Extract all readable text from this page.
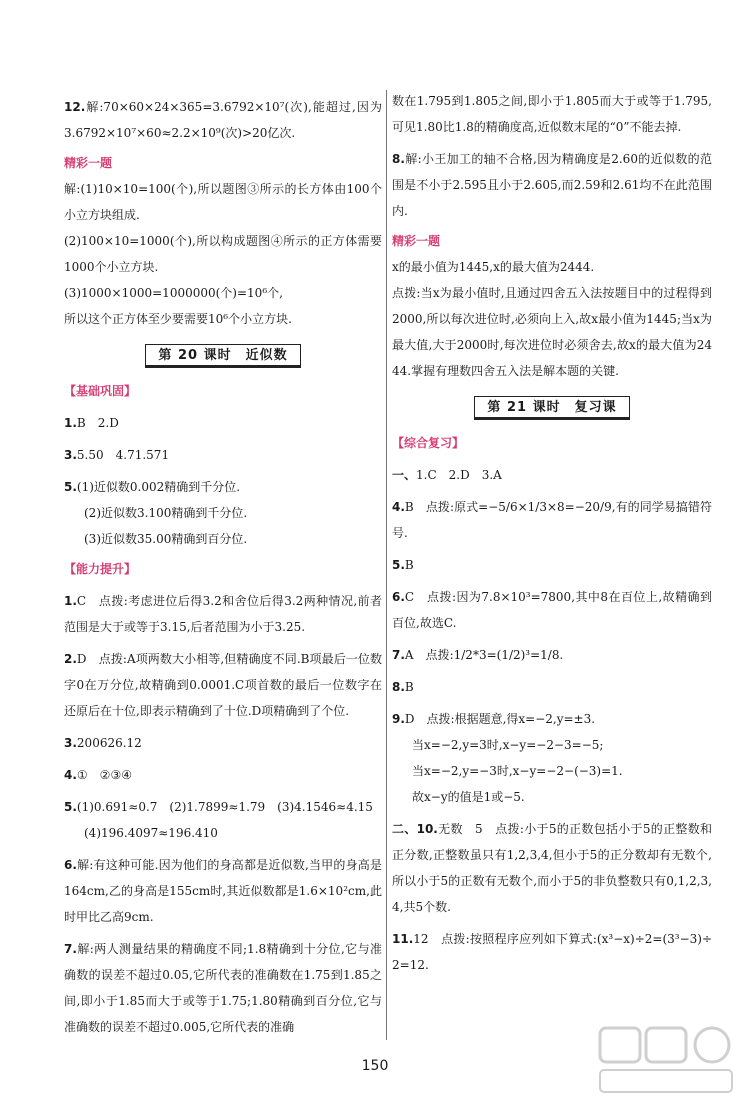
12.解:70×60×24×365=3.6792×10⁷(次),能超过,因为3.6792×10⁷×60≈2.2×10⁹(次)>20亿次.

精彩一题

解:(1)10×10=100(个),所以题图③所示的长方体由100个小立方块组成.

(2)100×10=1000(个),所以构成题图④所示的正方体需要1000个小立方块.

(3)1000×1000=1000000(个)=10⁶个,

所以这个正方体至少要需要10⁶个小立方块.

第 20 课时　近似数
【基础巩固】

1.B　2.D

3.5.50　4.71.571

5.(1)近似数0.002精确到千分位.

(2)近似数3.100精确到千分位.

(3)近似数35.00精确到百分位.

【能力提升】

1.C　点拨:考虑进位后得3.2和舍位后得3.2两种情况,前者范围是大于或等于3.15,后者范围为小于3.25.

2.D　点拨:A项两数大小相等,但精确度不同.B项最后一位数字0在万分位,故精确到0.0001.C项首数的最后一位数字在还原后在十位,即表示精确到了十位.D项精确到了个位.

3.200626.12

4.①　②③④

5.(1)0.691≈0.7　(2)1.7899≈1.79　(3)4.1546≈4.15

(4)196.4097≈196.410

6.解:有这种可能.因为他们的身高都是近似数,当甲的身高是164cm,乙的身高是155cm时,其近似数都是1.6×10²cm,此时甲比乙高9cm.

7.解:两人测量结果的精确度不同;1.8精确到十分位,它与准确数的误差不超过0.05,它所代表的准确数在1.75到1.85之间,即小于1.85而大于或等于1.75;1.80精确到百分位,它与准确数的误差不超过0.005,它所代表的准确

数在1.795到1.805之间,即小于1.805而大于或等于1.795,可见1.80比1.8的精确度高,近似数末尾的“0”不能去掉.

8.解:小王加工的轴不合格,因为精确度是2.60的近似数的范围是不小于2.595且小于2.605,而2.59和2.61均不在此范围内.

精彩一题

x的最小值为1445,x的最大值为2444.

点拨:当x为最小值时,且通过四舍五入法按题目中的过程得到2000,所以每次进位时,必须向上入,故x最小值为1445;当x为最大值,大于2000时,每次进位时必须舍去,故x的最大值为2444.掌握有理数四舍五入法是解本题的关键.

第 21 课时　复习课
【综合复习】

一、1.C　2.D　3.A

4.B　点拨:原式=−5/6×1/3×8=−20/9,有的同学易搞错符号.

5.B

6.C　点拨:因为7.8×10³=7800,其中8在百位上,故精确到百位,故选C.

7.A　点拨:1/2*3=(1/2)³=1/8.

8.B

9.D　点拨:根据题意,得x=−2,y=±3.

当x=−2,y=3时,x−y=−2−3=−5;

当x=−2,y=−3时,x−y=−2−(−3)=1.

故x−y的值是1或−5.

二、10.无数　5　点拨:小于5的正数包括小于5的正整数和正分数,正整数虽只有1,2,3,4,但小于5的正分数却有无数个,所以小于5的正数有无数个,而小于5的非负整数只有0,1,2,3,4,共5个数.

11.12　点拨:按照程序应列如下算式:(x³−x)÷2=(3³−3)÷2=12.

150
